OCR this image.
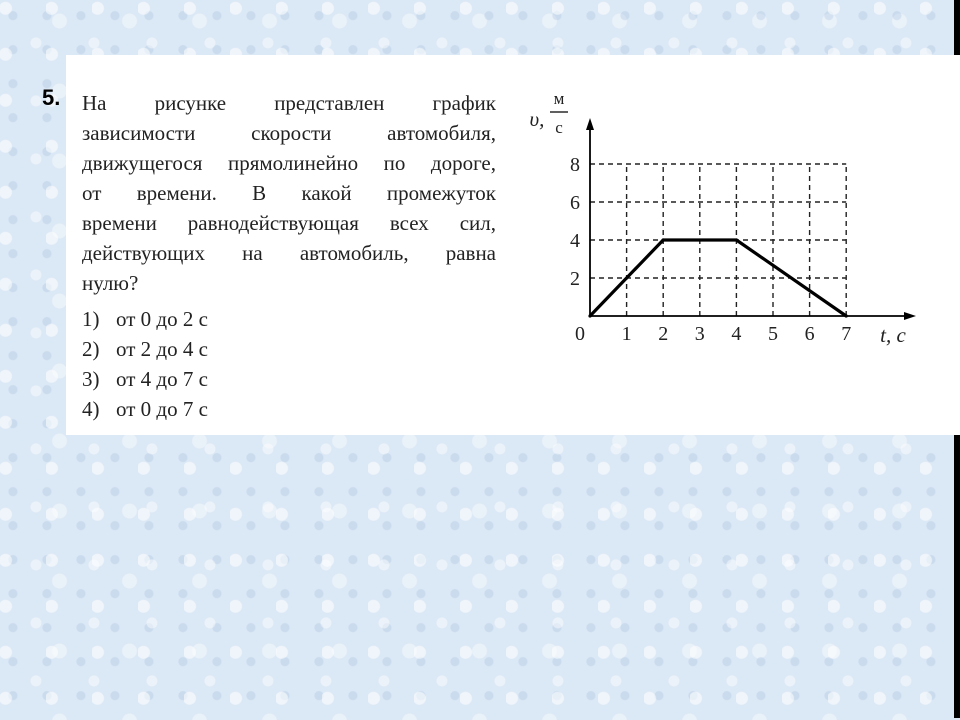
5. На рисунке представлен график
зависимости скорости автомобиля,
движущегося прямолинейно по дороге,
от времени. В какой промежуток
времени равнодействующая всех сил,
действующих на автомобиль, равна
нулю?
1) от 0 до 2 с
2) от 2 до 4 с
3) от 4 до 7 с
4) от 0 до 7 с
0 1 2 3 4 5 6 7
2
4
6
8
t, с
υ,
м
с
